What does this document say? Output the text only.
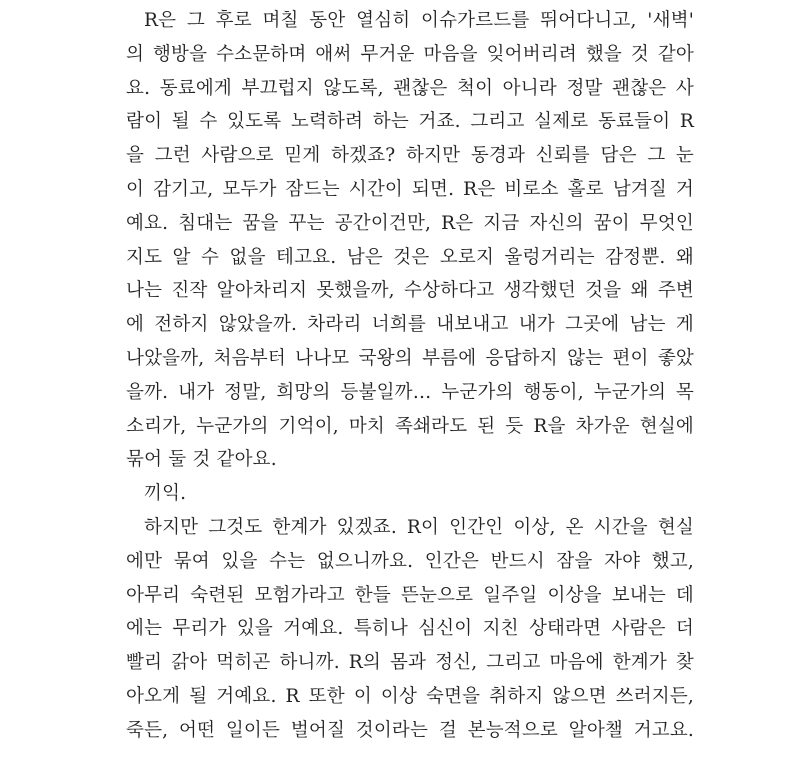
R은 그 후로 며칠 동안 열심히 이슈가르드를 뛰어다니고, '새벽'
의 행방을 수소문하며 애써 무거운 마음을 잊어버리려 했을 것 같아
요. 동료에게 부끄럽지 않도록, 괜찮은 척이 아니라 정말 괜찮은 사
람이 될 수 있도록 노력하려 하는 거죠. 그리고 실제로 동료들이 R
을 그런 사람으로 믿게 하겠죠? 하지만 동경과 신뢰를 담은 그 눈
이 감기고, 모두가 잠드는 시간이 되면. R은 비로소 홀로 남겨질 거
예요. 침대는 꿈을 꾸는 공간이건만, R은 지금 자신의 꿈이 무엇인
지도 알 수 없을 테고요. 남은 것은 오로지 울렁거리는 감정뿐. 왜
나는 진작 알아차리지 못했을까, 수상하다고 생각했던 것을 왜 주변
에 전하지 않았을까. 차라리 너희를 내보내고 내가 그곳에 남는 게
나았을까, 처음부터 나나모 국왕의 부름에 응답하지 않는 편이 좋았
을까. 내가 정말, 희망의 등불일까… 누군가의 행동이, 누군가의 목
소리가, 누군가의 기억이, 마치 족쇄라도 된 듯 R을 차가운 현실에
묶어 둘 것 같아요.
끼익.
하지만 그것도 한계가 있겠죠. R이 인간인 이상, 온 시간을 현실
에만 묶여 있을 수는 없으니까요. 인간은 반드시 잠을 자야 했고,
아무리 숙련된 모험가라고 한들 뜬눈으로 일주일 이상을 보내는 데
에는 무리가 있을 거예요. 특히나 심신이 지친 상태라면 사람은 더
빨리 갉아 먹히곤 하니까. R의 몸과 정신, 그리고 마음에 한계가 찾
아오게 될 거예요. R 또한 이 이상 숙면을 취하지 않으면 쓰러지든,
죽든, 어떤 일이든 벌어질 것이라는 걸 본능적으로 알아챌 거고요.
